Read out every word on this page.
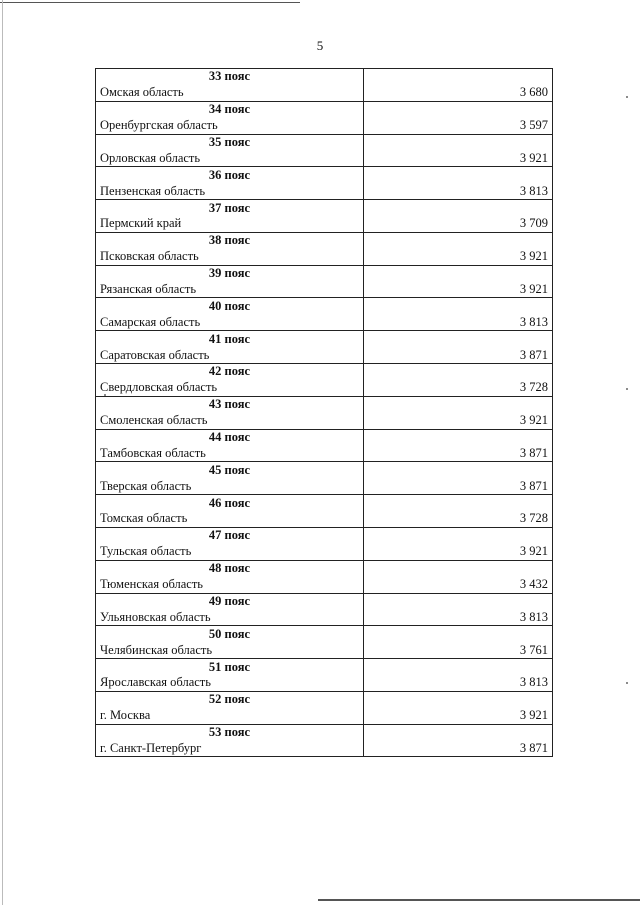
5
33 пояс	
Омская область	3 680
34 пояс	
Оренбургская область	3 597
35 пояс	
Орловская область	3 921
36 пояс	
Пензенская область	3 813
37 пояс	
Пермский край	3 709
38 пояс	
Псковская область	3 921
39 пояс	
Рязанская область	3 921
40 пояс	
Самарская область	3 813
41 пояс	
Саратовская область	3 871
42 пояс	
Свердловская область	3 728
43 пояс	
Смоленская область	3 921
44 пояс	
Тамбовская область	3 871
45 пояс	
Тверская область	3 871
46 пояс	
Томская область	3 728
47 пояс	
Тульская область	3 921
48 пояс	
Тюменская область	3 432
49 пояс	
Ульяновская область	3 813
50 пояс	
Челябинская область	3 761
51 пояс	
Ярославская область	3 813
52 пояс	
г. Москва	3 921
53 пояс	
г. Санкт-Петербург	3 871
